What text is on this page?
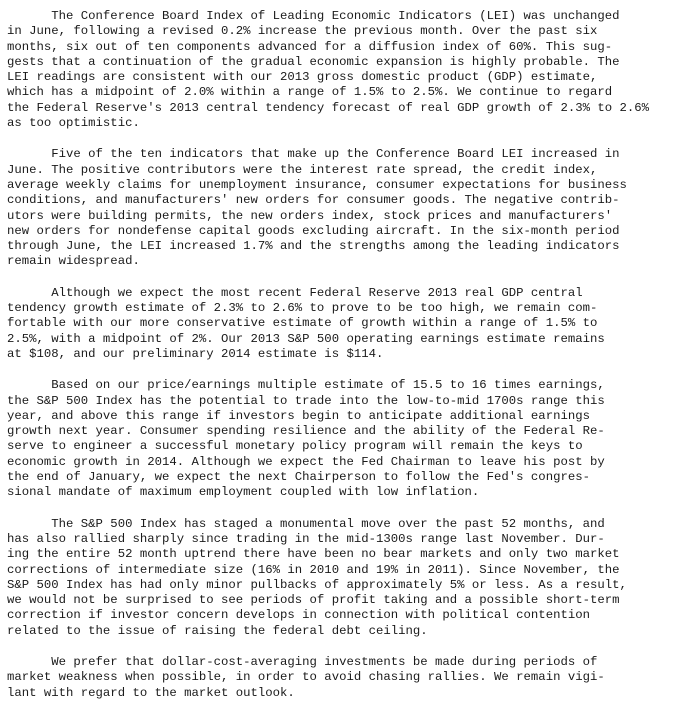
The Conference Board Index of Leading Economic Indicators (LEI) was unchanged
in June, following a revised 0.2% increase the previous month. Over the past six
months, six out of ten components advanced for a diffusion index of 60%. This sug-
gests that a continuation of the gradual economic expansion is highly probable. The
LEI readings are consistent with our 2013 gross domestic product (GDP) estimate,
which has a midpoint of 2.0% within a range of 1.5% to 2.5%. We continue to regard
the Federal Reserve's 2013 central tendency forecast of real GDP growth of 2.3% to 2.6%
as too optimistic.
Five of the ten indicators that make up the Conference Board LEI increased in
June. The positive contributors were the interest rate spread, the credit index,
average weekly claims for unemployment insurance, consumer expectations for business
conditions, and manufacturers' new orders for consumer goods. The negative contrib-
utors were building permits, the new orders index, stock prices and manufacturers'
new orders for nondefense capital goods excluding aircraft. In the six-month period
through June, the LEI increased 1.7% and the strengths among the leading indicators
remain widespread.
Although we expect the most recent Federal Reserve 2013 real GDP central
tendency growth estimate of 2.3% to 2.6% to prove to be too high, we remain com-
fortable with our more conservative estimate of growth within a range of 1.5% to
2.5%, with a midpoint of 2%. Our 2013 S&P 500 operating earnings estimate remains
at $108, and our preliminary 2014 estimate is $114.
Based on our price/earnings multiple estimate of 15.5 to 16 times earnings,
the S&P 500 Index has the potential to trade into the low-to-mid 1700s range this
year, and above this range if investors begin to anticipate additional earnings
growth next year. Consumer spending resilience and the ability of the Federal Re-
serve to engineer a successful monetary policy program will remain the keys to
economic growth in 2014. Although we expect the Fed Chairman to leave his post by
the end of January, we expect the next Chairperson to follow the Fed's congres-
sional mandate of maximum employment coupled with low inflation.
The S&P 500 Index has staged a monumental move over the past 52 months, and
has also rallied sharply since trading in the mid-1300s range last November. Dur-
ing the entire 52 month uptrend there have been no bear markets and only two market
corrections of intermediate size (16% in 2010 and 19% in 2011). Since November, the
S&P 500 Index has had only minor pullbacks of approximately 5% or less. As a result,
we would not be surprised to see periods of profit taking and a possible short-term
correction if investor concern develops in connection with political contention
related to the issue of raising the federal debt ceiling.
We prefer that dollar-cost-averaging investments be made during periods of
market weakness when possible, in order to avoid chasing rallies. We remain vigi-
lant with regard to the market outlook.
